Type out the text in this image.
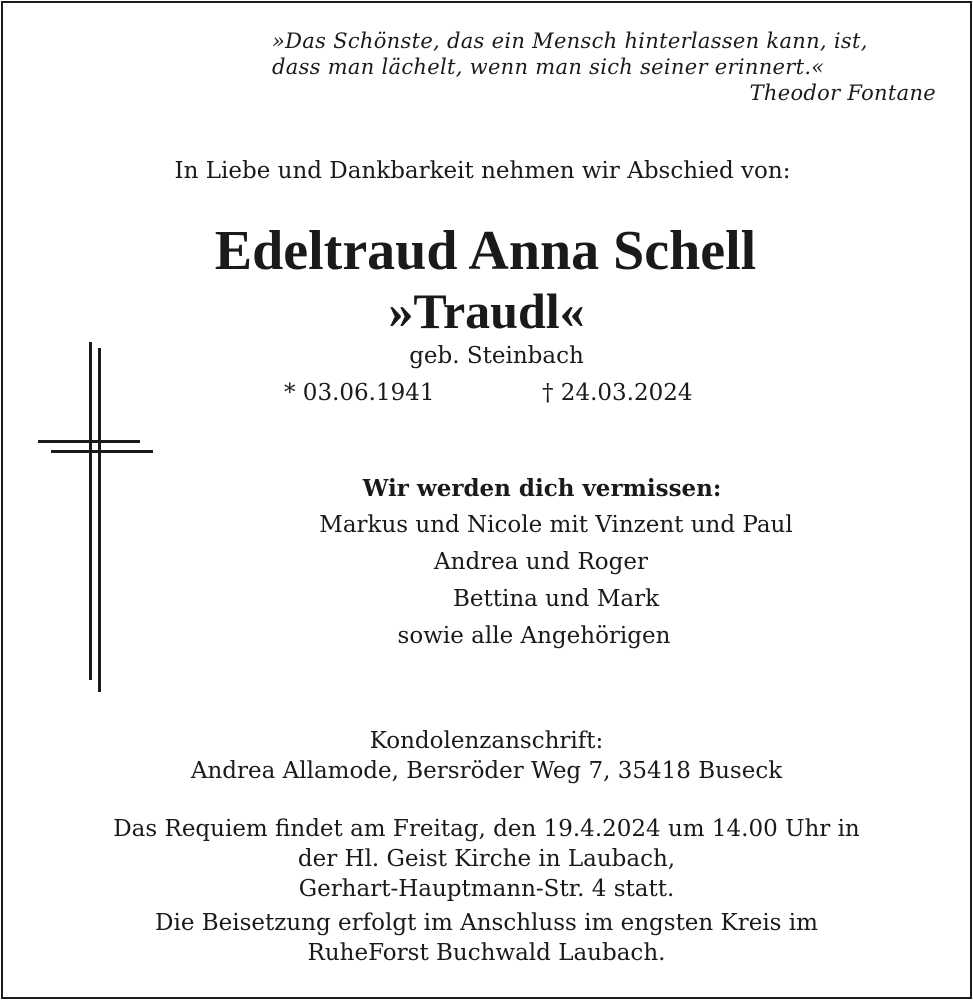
»Das Schönste, das ein Mensch hinterlassen kann, ist,
dass man lächelt, wenn man sich seiner erinnert.«
Theodor Fontane
In Liebe und Dankbarkeit nehmen wir Abschied von:
Edeltraud Anna Schell
»Traudl«
geb. Steinbach
* 03.06.1941	† 24.03.2024
Wir werden dich vermissen:
Markus und Nicole mit Vinzent und Paul
Andrea und Roger
Bettina und Mark
sowie alle Angehörigen
Kondolenzanschrift:
Andrea Allamode, Bersröder Weg 7, 35418 Buseck
Das Requiem findet am Freitag, den 19.4.2024 um 14.00 Uhr in
der Hl. Geist Kirche in Laubach,
Gerhart-Hauptmann-Str. 4 statt.
Die Beisetzung erfolgt im Anschluss im engsten Kreis im
RuheForst Buchwald Laubach.
